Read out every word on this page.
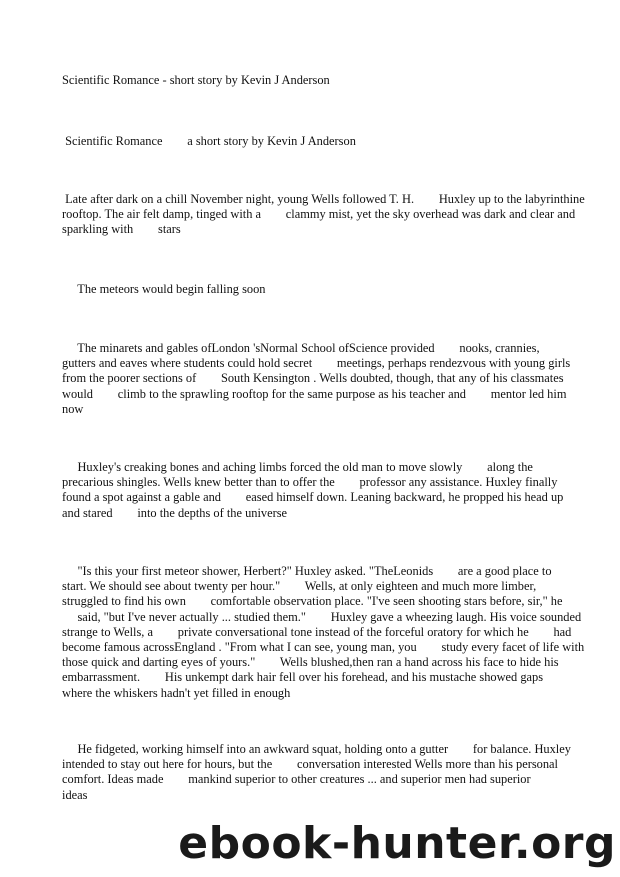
Scientific Romance - short story by Kevin J Anderson
Scientific Romance        a short story by Kevin J Anderson
Late after dark on a chill November night, young Wells followed T. H.        Huxley up to the labyrinthine
rooftop. The air felt damp, tinged with a        clammy mist, yet the sky overhead was dark and clear and
sparkling with        stars
The meteors would begin falling soon
The minarets and gables ofLondon 'sNormal School ofScience provided        nooks, crannies,
gutters and eaves where students could hold secret        meetings, perhaps rendezvous with young girls
from the poorer sections of        South Kensington . Wells doubted, though, that any of his classmates
would        climb to the sprawling rooftop for the same purpose as his teacher and        mentor led him
now
Huxley's creaking bones and aching limbs forced the old man to move slowly        along the
precarious shingles. Wells knew better than to offer the        professor any assistance. Huxley finally
found a spot against a gable and        eased himself down. Leaning backward, he propped his head up
and stared        into the depths of the universe
"Is this your first meteor shower, Herbert?" Huxley asked. "TheLeonids        are a good place to
start. We should see about twenty per hour."        Wells, at only eighteen and much more limber,
struggled to find his own        comfortable observation place. "I've seen shooting stars before, sir," he
said, "but I've never actually ... studied them."        Huxley gave a wheezing laugh. His voice sounded
strange to Wells, a        private conversational tone instead of the forceful oratory for which he        had
become famous acrossEngland . "From what I can see, young man, you        study every facet of life with
those quick and darting eyes of yours."        Wells blushed,then ran a hand across his face to hide his
embarrassment.        His unkempt dark hair fell over his forehead, and his mustache showed gaps
where the whiskers hadn't yet filled in enough
He fidgeted, working himself into an awkward squat, holding onto a gutter        for balance. Huxley
intended to stay out here for hours, but the        conversation interested Wells more than his personal
comfort. Ideas made        mankind superior to other creatures ... and superior men had superior
ideas
ebook-hunter.org
